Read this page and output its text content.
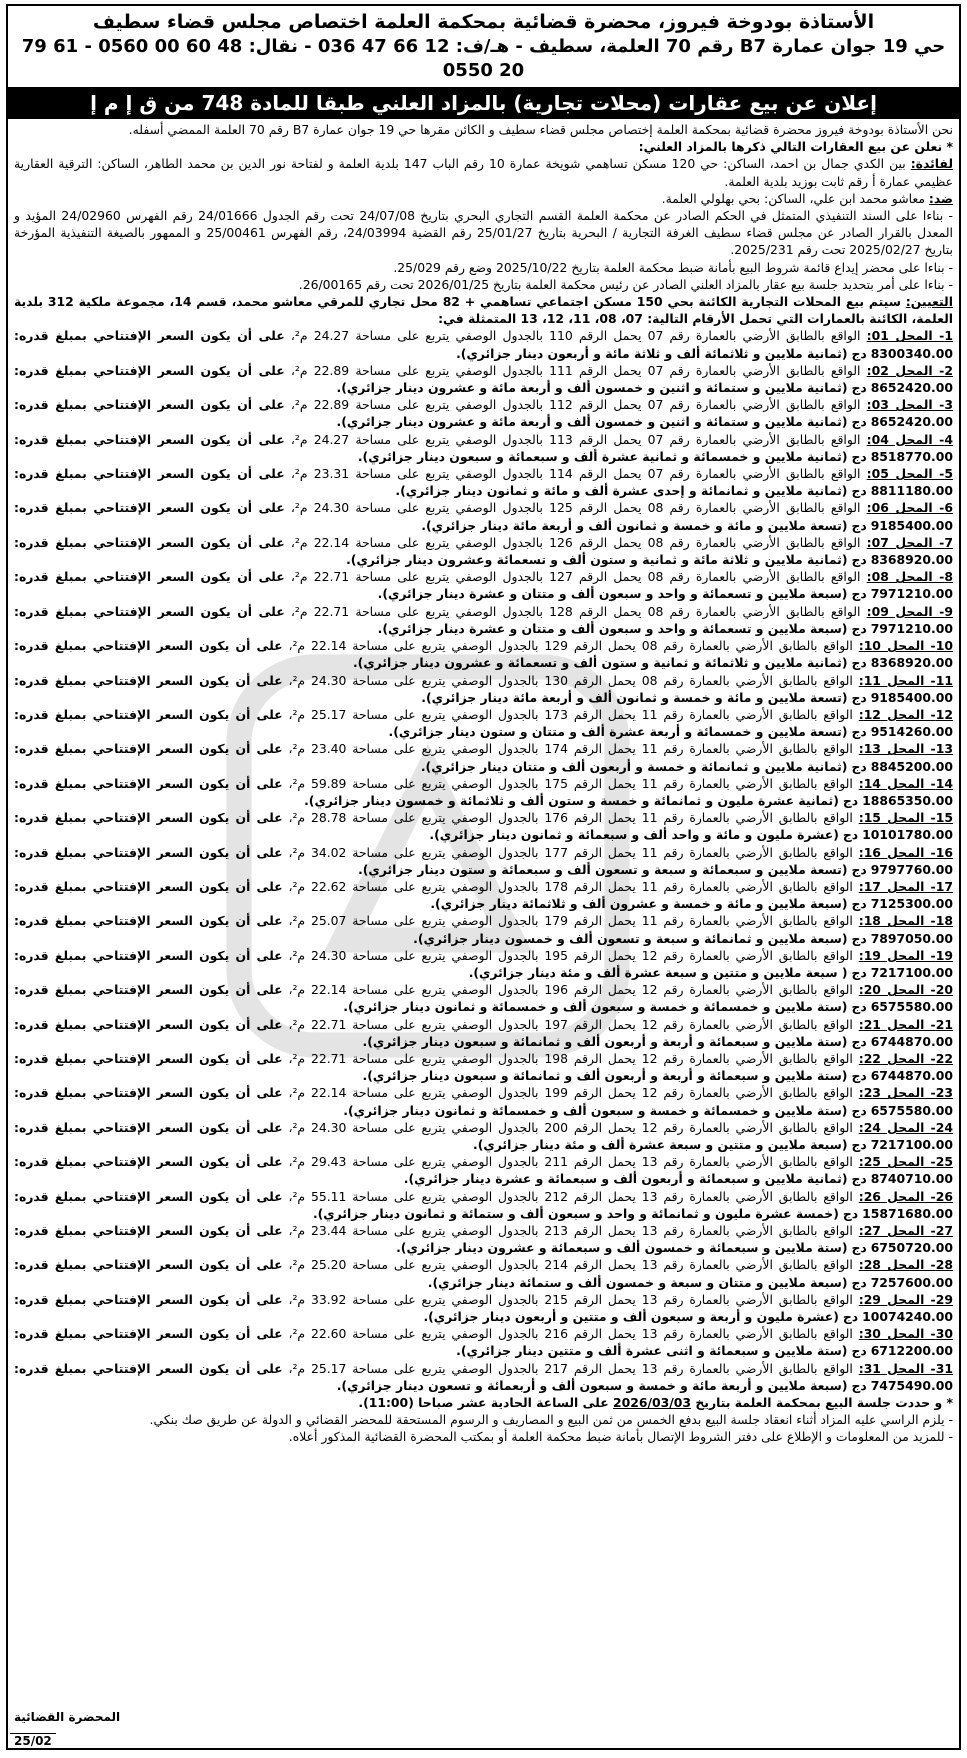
الأستاذة بودوخة فيروز، محضرة قضائية بمحكمة العلمة اختصاص مجلس قضاء سطيف
حي 19 جوان عمارة B7 رقم 70 العلمة، سطيف - هـ/ف: 12 66 47 036 - نقال: 48 60 00 0560 - 61 79 20 0550
إعلان عن بيع عقارات (محلات تجارية) بالمزاد العلني طبقا للمادة 748 من ق إ م إ

نحن الأستاذة بودوخة فيروز محضرة قضائية بمحكمة العلمة إختصاص مجلس قضاء سطيف و الكائن مقرها حي 19 جوان عمارة B7 رقم 70 العلمة الممضي أسفله.

* نعلن عن بيع العقارات التالي ذكرها بالمزاد العلني:

لفائدة: بين الكدي جمال بن احمد، الساكن: حي 120 مسكن تساهمي شويخة عمارة 10 رقم الباب 147 بلدية العلمة و لفتاحة نور الدين بن محمد الطاهر، الساكن: الترقية العقارية عظيمي عمارة أ رقم ثابت بوزيد بلدية العلمة.

ضد: معاشو محمد ابن علي، الساكن: بحي بهلولي العلمة.

- بناءا على السند التنفيذي المتمثل في الحكم الصادر عن محكمة العلمة القسم التجاري البحري بتاريخ 24/07/08 تحت رقم الجدول 24/01666 رقم الفهرس 24/02960 المؤيد و المعدل بالقرار الصادر عن مجلس قضاء سطيف الغرفة التجارية / البحرية بتاريخ 25/01/27 رقم القضية 24/03994، رقم الفهرس 25/00461 و الممهور بالصيغة التنفيذية المؤرخة بتاريخ 2025/02/27 تحت رقم 2025/231.

- بناءا على محضر إيداع قائمة شروط البيع بأمانة ضبط محكمة العلمة بتاريخ 2025/10/22 وضع رقم 25/029.

- بناءا على أمر بتحديد جلسة بيع عقار بالمزاد العلني الصادر عن رئيس محكمة العلمة بتاريخ 2026/01/25 تحت رقم 26/00165.

التعيين: سيتم بيع المحلات التجارية الكائنة بحي 150 مسكن اجتماعي تساهمي + 82 محل تجاري للمرقي معاشو محمد، قسم 14، مجموعة ملكية 312 بلدية العلمة، الكائنة بالعمارات التي تحمل الأرقام التالية: 07، 08، 11، 12، 13 المتمثلة في:

1- المحل 01: الواقع بالطابق الأرضي بالعمارة رقم 07 يحمل الرقم 110 بالجدول الوصفي يتربع على مساحة 24.27 م²، على أن يكون السعر الإفتتاحي بمبلغ قدره: 8300340.00 دج (ثمانية ملايين و ثلاثمائة ألف و ثلاثة مائة و أربعون دينار جزائري).

2- المحل 02: الواقع بالطابق الأرضي بالعمارة رقم 07 يحمل الرقم 111 بالجدول الوصفي يتربع على مساحة 22.89 م²، على أن يكون السعر الإفتتاحي بمبلغ قدره: 8652420.00 دج (ثمانية ملايين و ستمائة و اثنين و خمسون ألف و أربعة مائة و عشرون دينار جزائري).

3- المحل 03: الواقع بالطابق الأرضي بالعمارة رقم 07 يحمل الرقم 112 بالجدول الوصفي يتربع على مساحة 22.89 م²، على أن يكون السعر الإفتتاحي بمبلغ قدره: 8652420.00 دج (ثمانية ملايين و ستمائة و اثنين و خمسون ألف و أربعة مائة و عشرون دينار جزائري).

4- المحل 04: الواقع بالطابق الأرضي بالعمارة رقم 07 يحمل الرقم 113 بالجدول الوصفي يتربع على مساحة 24.27 م²، على أن يكون السعر الإفتتاحي بمبلغ قدره: 8518770.00 دج (ثمانية ملايين و خمسمائة و ثمانية عشرة ألف و سبعمائة و سبعون دينار جزائري).

5- المحل 05: الواقع بالطابق الأرضي بالعمارة رقم 07 يحمل الرقم 114 بالجدول الوصفي يتربع على مساحة 23.31 م²، على أن يكون السعر الإفتتاحي بمبلغ قدره: 8811180.00 دج (ثمانية ملايين و ثمانمائة و إحدى عشرة ألف و مائة و ثمانون دينار جزائري).

6- المحل 06: الواقع بالطابق الأرضي بالعمارة رقم 08 يحمل الرقم 125 بالجدول الوصفي يتربع على مساحة 24.30 م²، على أن يكون السعر الإفتتاحي بمبلغ قدره: 9185400.00 دج (تسعة ملايين و مائة و خمسة و ثمانون ألف و أربعة مائة دينار جزائري).

7- المحل 07: الواقع بالطابق الأرضي بالعمارة رقم 08 يحمل الرقم 126 بالجدول الوصفي يتربع على مساحة 22.14 م²، على أن يكون السعر الإفتتاحي بمبلغ قدره: 8368920.00 دج (ثمانية ملايين و ثلاثة مائة و ثمانية و ستون ألف و تسعمائة وعشرون دينار جزائري).

8- المحل 08: الواقع بالطابق الأرضي بالعمارة رقم 08 يحمل الرقم 127 بالجدول الوصفي يتربع على مساحة 22.71 م²، على أن يكون السعر الإفتتاحي بمبلغ قدره: 7971210.00 دج (سبعة ملايين و تسعمائة و واحد و سبعون ألف و متتان و عشرة دينار جزائري).

9- المحل 09: الواقع بالطابق الأرضي بالعمارة رقم 08 يحمل الرقم 128 بالجدول الوصفي يتربع على مساحة 22.71 م²، على أن يكون السعر الإفتتاحي بمبلغ قدره: 7971210.00 دج (سبعة ملايين و تسعمائة و واحد و سبعون ألف و متتان و عشرة دينار جزائري).

10- المحل 10: الواقع بالطابق الأرضي بالعمارة رقم 08 يحمل الرقم 129 بالجدول الوصفي يتربع على مساحة 22.14 م²، على أن يكون السعر الإفتتاحي بمبلغ قدره: 8368920.00 دج (ثمانية ملايين و ثلاثمائة و ثمانية و ستون ألف و تسعمائة و عشرون دينار جزائري).

11- المحل 11: الواقع بالطابق الأرضي بالعمارة رقم 08 يحمل الرقم 130 بالجدول الوصفي يتربع على مساحة 24.30 م²، على أن يكون السعر الإفتتاحي بمبلغ قدره: 9185400.00 دج (تسعة ملايين و مائة و خمسة و ثمانون ألف و أربعة مائة دينار جزائري).

12- المحل 12: الواقع بالطابق الأرضي بالعمارة رقم 11 يحمل الرقم 173 بالجدول الوصفي يتربع على مساحة 25.17 م²، على أن يكون السعر الإفتتاحي بمبلغ قدره: 9514260.00 دج (تسعة ملايين و خمسمائة و أربعة عشرة ألف و متتان و ستون دينار جزائري).

13- المحل 13: الواقع بالطابق الأرضي بالعمارة رقم 11 يحمل الرقم 174 بالجدول الوصفي يتربع على مساحة 23.40 م²، على أن يكون السعر الإفتتاحي بمبلغ قدره: 8845200.00 دج (ثمانية ملايين و ثمانمائة و خمسة و أربعون ألف و متتان دينار جزائري).

14- المحل 14: الواقع بالطابق الأرضي بالعمارة رقم 11 يحمل الرقم 175 بالجدول الوصفي يتربع على مساحة 59.89 م²، على أن يكون السعر الإفتتاحي بمبلغ قدره: 18865350.00 دج (ثمانية عشرة مليون و ثمانمائة و خمسة و ستون ألف و ثلاثمائة و خمسون دينار جزائري).

15- المحل 15: الواقع بالطابق الأرضي بالعمارة رقم 11 يحمل الرقم 176 بالجدول الوصفي يتربع على مساحة 28.78 م²، على أن يكون السعر الإفتتاحي بمبلغ قدره: 10101780.00 دج (عشرة مليون و مائة و واحد ألف و سبعمائة و ثمانون دينار جزائري).

16- المحل 16: الواقع بالطابق الأرضي بالعمارة رقم 11 يحمل الرقم 177 بالجدول الوصفي يتربع على مساحة 34.02 م²، على أن يكون السعر الإفتتاحي بمبلغ قدره: 9797760.00 دج (تسعة ملايين و سبعمائة و سبعة و تسعون ألف و سبعمائة و ستون دينار جزائري).

17- المحل 17: الواقع بالطابق الأرضي بالعمارة رقم 11 يحمل الرقم 178 بالجدول الوصفي يتربع على مساحة 22.62 م²، على أن يكون السعر الإفتتاحي بمبلغ قدره: 7125300.00 دج (سبعة ملايين و مائة و خمسة و عشرون ألف و ثلاثمائة دينار جزائري).

18- المحل 18: الواقع بالطابق الأرضي بالعمارة رقم 11 يحمل الرقم 179 بالجدول الوصفي يتربع على مساحة 25.07 م²، على أن يكون السعر الإفتتاحي بمبلغ قدره: 7897050.00 دج (سبعة ملايين و ثمانمائة و سبعة و تسعون ألف و خمسون دينار جزائري).

19- المحل 19: الواقع بالطابق الأرضي بالعمارة رقم 12 يحمل الرقم 195 بالجدول الوصفي يتربع على مساحة 24.30 م²، على أن يكون السعر الإفتتاحي بمبلغ قدره: 7217100.00 دج ( سبعة ملايين و متتين و سبعة عشرة ألف و مئة دينار جزائري).

20- المحل 20: الواقع بالطابق الأرضي بالعمارة رقم 12 يحمل الرقم 196 بالجدول الوصفي يتربع على مساحة 22.14 م²، على أن يكون السعر الإفتتاحي بمبلغ قدره: 6575580.00 دج (ستة ملايين و خمسمائة و خمسة و سبعون ألف و خمسمائة و ثمانون دينار جزائري).

21- المحل 21: الواقع بالطابق الأرضي بالعمارة رقم 12 يحمل الرقم 197 بالجدول الوصفي يتربع على مساحة 22.71 م²، على أن يكون السعر الإفتتاحي بمبلغ قدره: 6744870.00 دج (ستة ملايين و سبعمائة و أربعة و أربعون ألف و ثمانمائة و سبعون دينار جزائري).

22- المحل 22: الواقع بالطابق الأرضي بالعمارة رقم 12 يحمل الرقم 198 بالجدول الوصفي يتربع على مساحة 22.71 م²، على أن يكون السعر الإفتتاحي بمبلغ قدره: 6744870.00 دج (ستة ملايين و سبعمائة و أربعة و أربعون ألف و ثمانمائة و سبعون دينار جزائري).

23- المحل 23: الواقع بالطابق الأرضي بالعمارة رقم 12 يحمل الرقم 199 بالجدول الوصفي يتربع على مساحة 22.14 م²، على أن يكون السعر الإفتتاحي بمبلغ قدره: 6575580.00 دج (ستة ملايين و خمسمائة و خمسة و سبعون ألف و خمسمائة و ثمانون دينار جزائري).

24- المحل 24: الواقع بالطابق الأرضي بالعمارة رقم 12 يحمل الرقم 200 بالجدول الوصفي يتربع على مساحة 24.30 م²، على أن يكون السعر الإفتتاحي بمبلغ قدره: 7217100.00 دج (سبعة ملايين و متتين و سبعة عشرة ألف و مئة دينار جزائري).

25- المحل 25: الواقع بالطابق الأرضي بالعمارة رقم 13 يحمل الرقم 211 بالجدول الوصفي يتربع على مساحة 29.43 م²، على أن يكون السعر الإفتتاحي بمبلغ قدره: 8740710.00 دج (ثمانية ملايين و سبعمائة و أربعون ألف و سبعمائة و عشرة دينار جزائري).

26- المحل 26: الواقع بالطابق الأرضي بالعمارة رقم 13 يحمل الرقم 212 بالجدول الوصفي يتربع على مساحة 55.11 م²، على أن يكون السعر الإفتتاحي بمبلغ قدره: 15871680.00 دج (خمسة عشرة مليون و ثمانمائة و واحد و سبعون ألف و ستمائة و ثمانون دينار جزائري).

27- المحل 27: الواقع بالطابق الأرضي بالعمارة رقم 13 يحمل الرقم 213 بالجدول الوصفي يتربع على مساحة 23.44 م²، على أن يكون السعر الإفتتاحي بمبلغ قدره: 6750720.00 دج (ستة ملايين و سبعمائة و خمسون ألف و سبعمائة و عشرون دينار جزائري).

28- المحل 28: الواقع بالطابق الأرضي بالعمارة رقم 13 يحمل الرقم 214 بالجدول الوصفي يتربع على مساحة 25.20 م²، على أن يكون السعر الإفتتاحي بمبلغ قدره: 7257600.00 دج (سبعة ملايين و متتان و سبعة و خمسون ألف و ستمائة دينار جزائري).

29- المحل 29: الواقع بالطابق الأرضي بالعمارة رقم 13 يحمل الرقم 215 بالجدول الوصفي يتربع على مساحة 33.92 م²، على أن يكون السعر الإفتتاحي بمبلغ قدره: 10074240.00 دج (عشرة مليون و أربعة و سبعون ألف و متتين و أربعون دينار جزائري).

30- المحل 30: الواقع بالطابق الأرضي بالعمارة رقم 13 يحمل الرقم 216 بالجدول الوصفي يتربع على مساحة 22.60 م²، على أن يكون السعر الإفتتاحي بمبلغ قدره: 6712200.00 دج (ستة ملايين و سبعمائة و اثنى عشرة ألف و متتين دينار جزائري).

31- المحل 31: الواقع بالطابق الأرضي بالعمارة رقم 13 يحمل الرقم 217 بالجدول الوصفي يتربع على مساحة 25.17 م²، على أن يكون السعر الإفتتاحي بمبلغ قدره: 7475490.00 دج (سبعة ملايين و أربعة مائة و خمسة و سبعون ألف و أربعمائة و تسعون دينار جزائري).

* و حددت جلسة البيع بمحكمة العلمة بتاريخ 2026/03/03 على الساعة الحادية عشر صباحا (11:00).

- يلزم الراسي عليه المزاد أثناء انعقاد جلسة البيع بدفع الخمس من ثمن البيع و المصاريف و الرسوم المستحقة للمحضر القضائي و الدولة عن طريق صك بنكي.

- للمزيد من المعلومات و الإطلاع على دفتر الشروط الإتصال بأمانة ضبط محكمة العلمة أو بمكتب المحضرة القضائية المذكور أعلاه.

المحضرة القضائية
25/02
